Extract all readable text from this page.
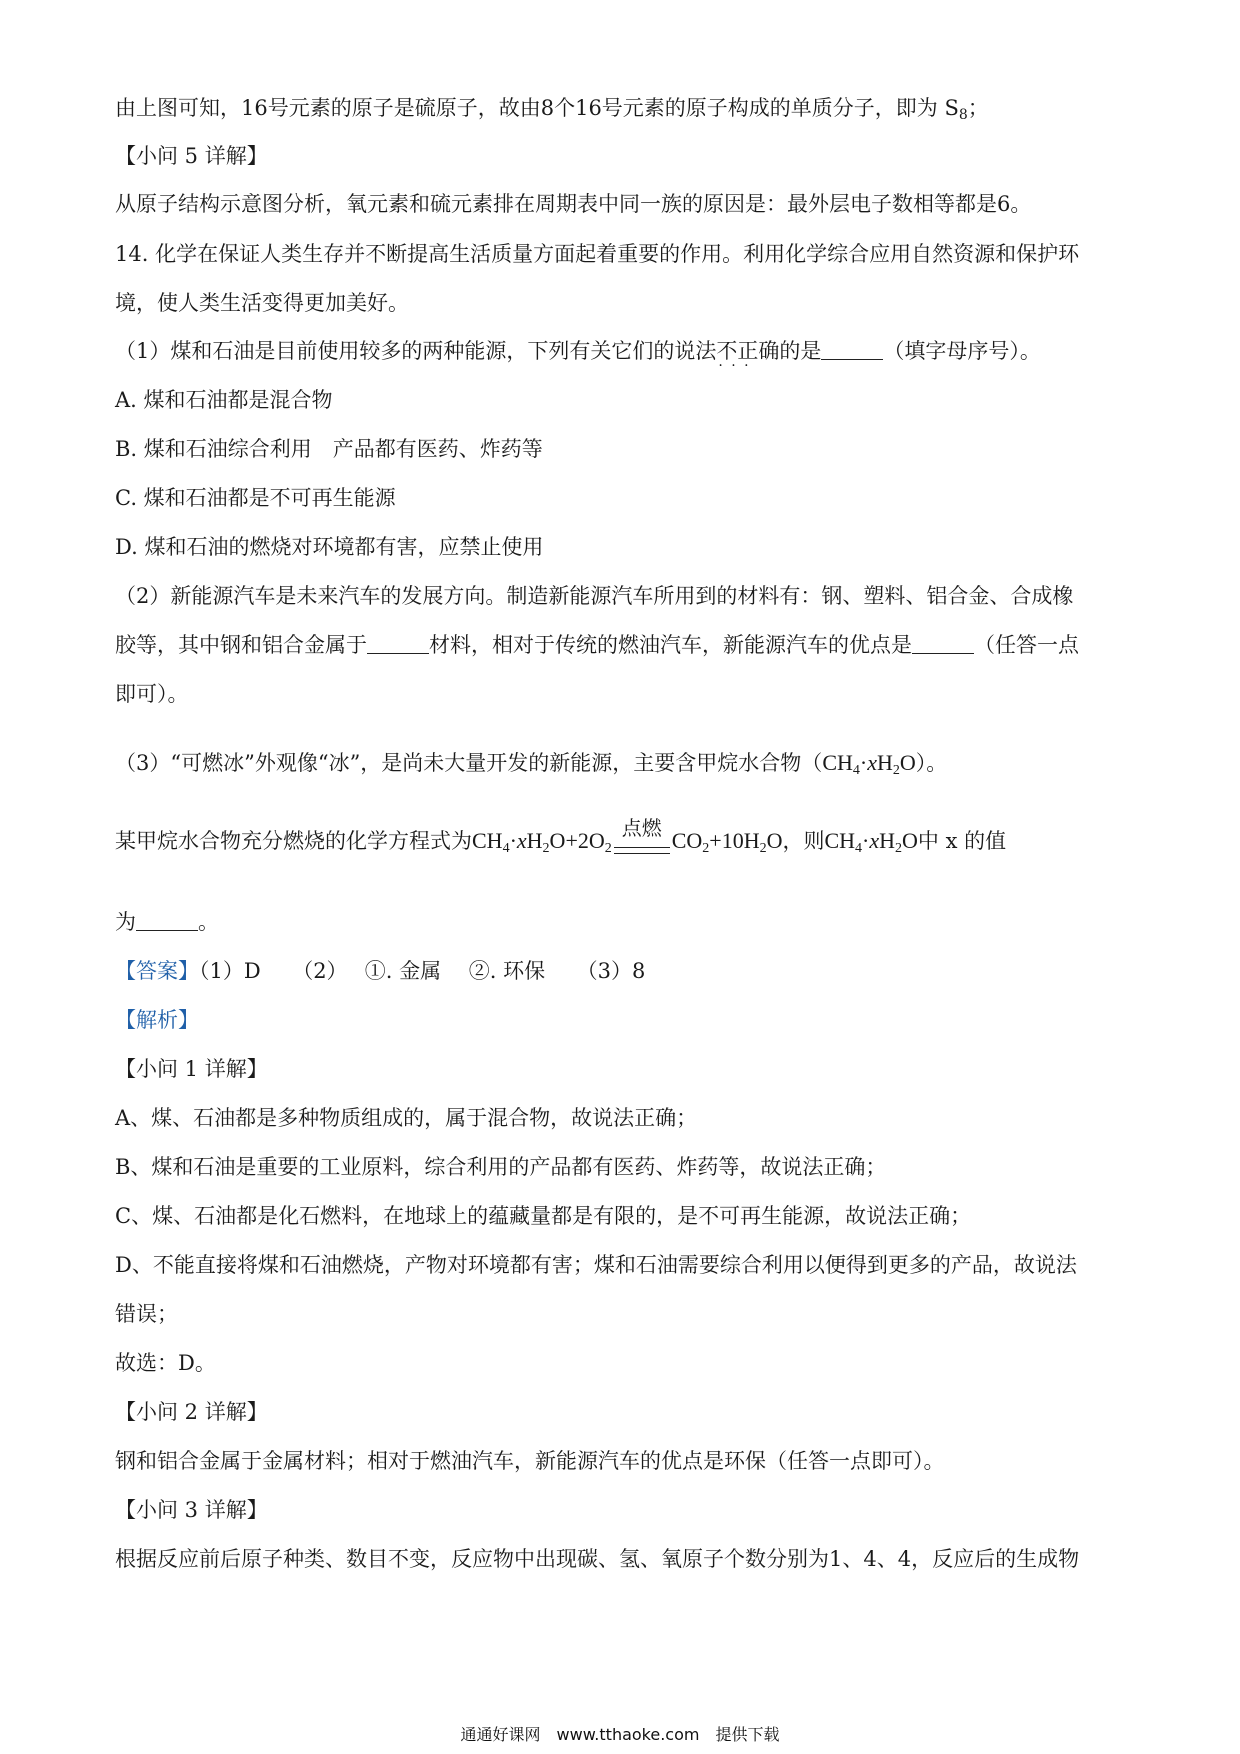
由上图可知，16号元素的原子是硫原子，故由8个16号元素的原子构成的单质分子，即为 $S_8$；
【小问 5 详解】
从原子结构示意图分析，氧元素和硫元素排在周期表中同一族的原因是：最外层电子数相等都是6。
14. 化学在保证人类生存并不断提高生活质量方面起着重要的作用。利用化学综合应用自然资源和保护环
境，使人类生活变得更加美好。
（1）煤和石油是目前使用较多的两种能源，下列有关它们的说法不正确 · · ·的是	（填字母序号）。
A. 煤和石油都是混合物
B. 煤和石油综合利用　产品都有医药、炸药等
C. 煤和石油都是不可再生能源
D. 煤和石油的燃烧对环境都有害，应禁止使用
（2）新能源汽车是未来汽车的发展方向。制造新能源汽车所用到的材料有：钢、塑料、铝合金、合成橡
胶等，其中钢和铝合金属于	材料，相对于传统的燃油汽车，新能源汽车的优点是	（任答一点
即可）。
（3）“可燃冰”外观像“冰”，是尚未大量开发的新能源，主要含甲烷水合物$(CH_4\cdot xH_2O)$。
某甲烷水合物充分燃烧的化学方程式为$CH_4\cdot xH_2O+2O_2$
点燃 $CO_2+10H_2O$，则$CH_4\cdot xH_2O$中 x 的值
为	。
【答案】（1）D　　（2）　 ①. 金属　 ②. 环保　　（3）8
【解析】
【小问 1 详解】
A、煤、石油都是多种物质组成的，属于混合物，故说法正确；
B、煤和石油是重要的工业原料，综合利用的产品都有医药、炸药等，故说法正确；
C、煤、石油都是化石燃料，在地球上的蕴藏量都是有限的，是不可再生能源，故说法正确；
D、不能直接将煤和石油燃烧，产物对环境都有害；煤和石油需要综合利用以便得到更多的产品，故说法
错误；
故选：D。
【小问 2 详解】
钢和铝合金属于金属材料；相对于燃油汽车，新能源汽车的优点是环保（任答一点即可）。
【小问 3 详解】
根据反应前后原子种类、数目不变，反应物中出现碳、氢、氧原子个数分别为1、4、4，反应后的生成物
通通好课网　www.tthaoke.com　提供下载
